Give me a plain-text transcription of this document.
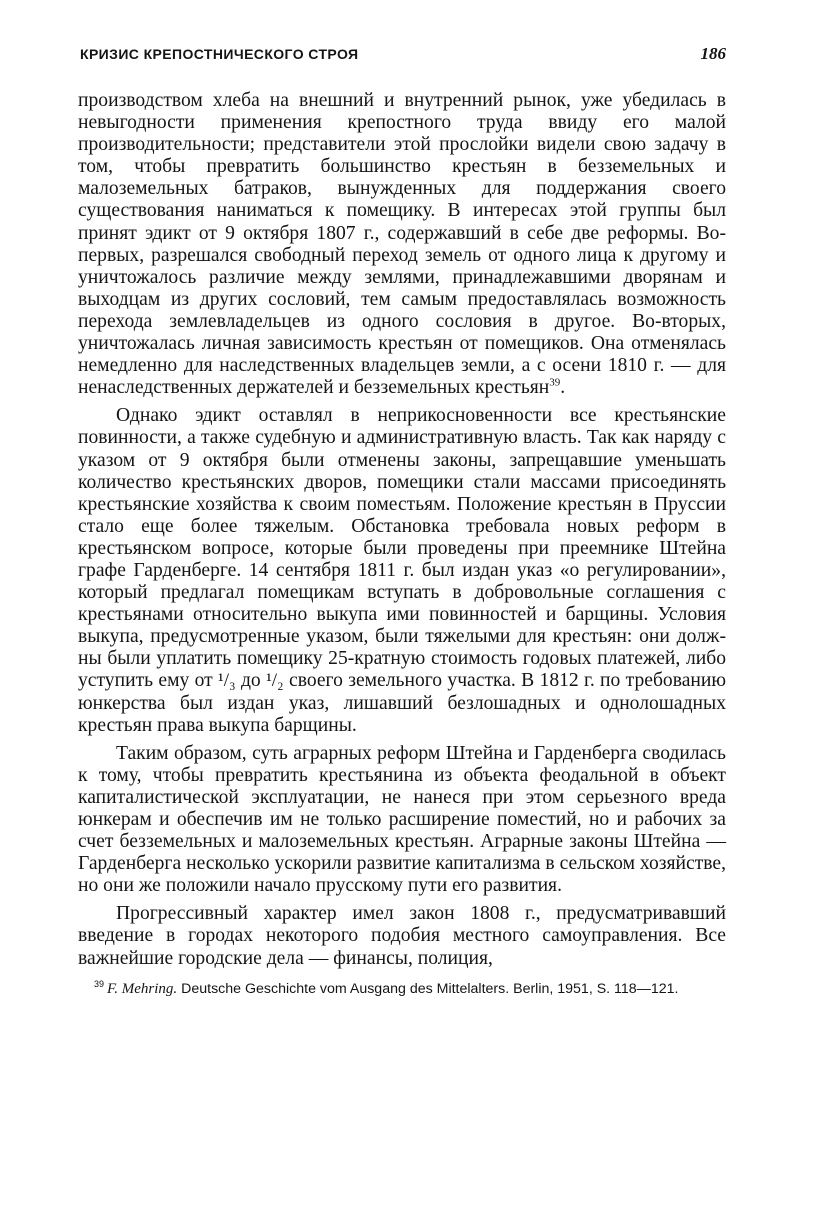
КРИЗИС КРЕПОСТНИЧЕСКОГО СТРОЯ	186

производством хлеба на внешний и внутренний рынок, уже убедилась в невыгодности применения крепостного труда ввиду его малой производительности; представители этой прослойки видели свою задачу в том, чтобы превратить большинство крестьян в безземельных и малоземельных батраков, вынужденных для поддержания своего существования наниматься к помещику. В интересах этой группы был принят эдикт от 9 октября 1807 г., содержавший в себе две реформы. Во-первых, разрешался свободный переход земель от одного лица к другому и уничтожалось различие между землями, принадлежавшими дворянам и выходцам из других сословий, тем самым предоставлялась возможность перехода землевладельцев из одного сословия в другое. Во-вторых, уничтожалась личная зависимость крестьян от помещиков. Она отменялась немедленно для наследственных владельцев земли, а с осени 1810 г. — для ненаследственных держателей и безземельных крестьян$^{39}$.

Однако эдикт оставлял в неприкосновенности все крестьянские повинности, а также судебную и административную власть. Так как наряду с указом от 9 октября были отменены законы, запрещавшие уменьшать количество крестьянских дворов, помещики стали массами присоединять крестьянские хозяйства к своим поместьям. Положение крестьян в Пруссии стало еще более тяжелым. Обстановка требовала новых реформ в крестьянском вопросе, которые были проведены при преемнике Штейна графе Гарденберге. 14 сентября 1811 г. был издан указ «о регулировании», который предлагал помещикам вступать в добровольные соглашения с крестьянами относительно выкупа ими повинностей и барщины. Условия выкупа, предусмотренные указом, были тяжелыми для крестьян: они должны были уплатить помещику 25-кратную стоимость годовых платежей, либо уступить ему от ¹/₃ до ¹/₂ своего земельного участка. В 1812 г. по требованию юнкерства был издан указ, лишавший безлошадных и однолошадных крестьян права выкупа барщины.

Таким образом, суть аграрных реформ Штейна и Гарденберга сводилась к тому, чтобы превратить крестьянина из объекта феодальной в объект капиталистической эксплуатации, не нанеся при этом серьезного вреда юнкерам и обеспечив им не только расширение поместий, но и рабочих за счет безземельных и малоземельных крестьян. Аграрные законы Штейна — Гарденберга несколько ускорили развитие капитализма в сельском хозяйстве, но они же положили начало прусскому пути его развития.

Прогрессивный характер имел закон 1808 г., предусматривавший введение в городах некоторого подобия местного самоуправления. Все важнейшие городские дела — финансы, полиция,

$^{39}$ F. Mehring. Deutsche Geschichte vom Ausgang des Mittelalters. Berlin, 1951, S. 118—121.
